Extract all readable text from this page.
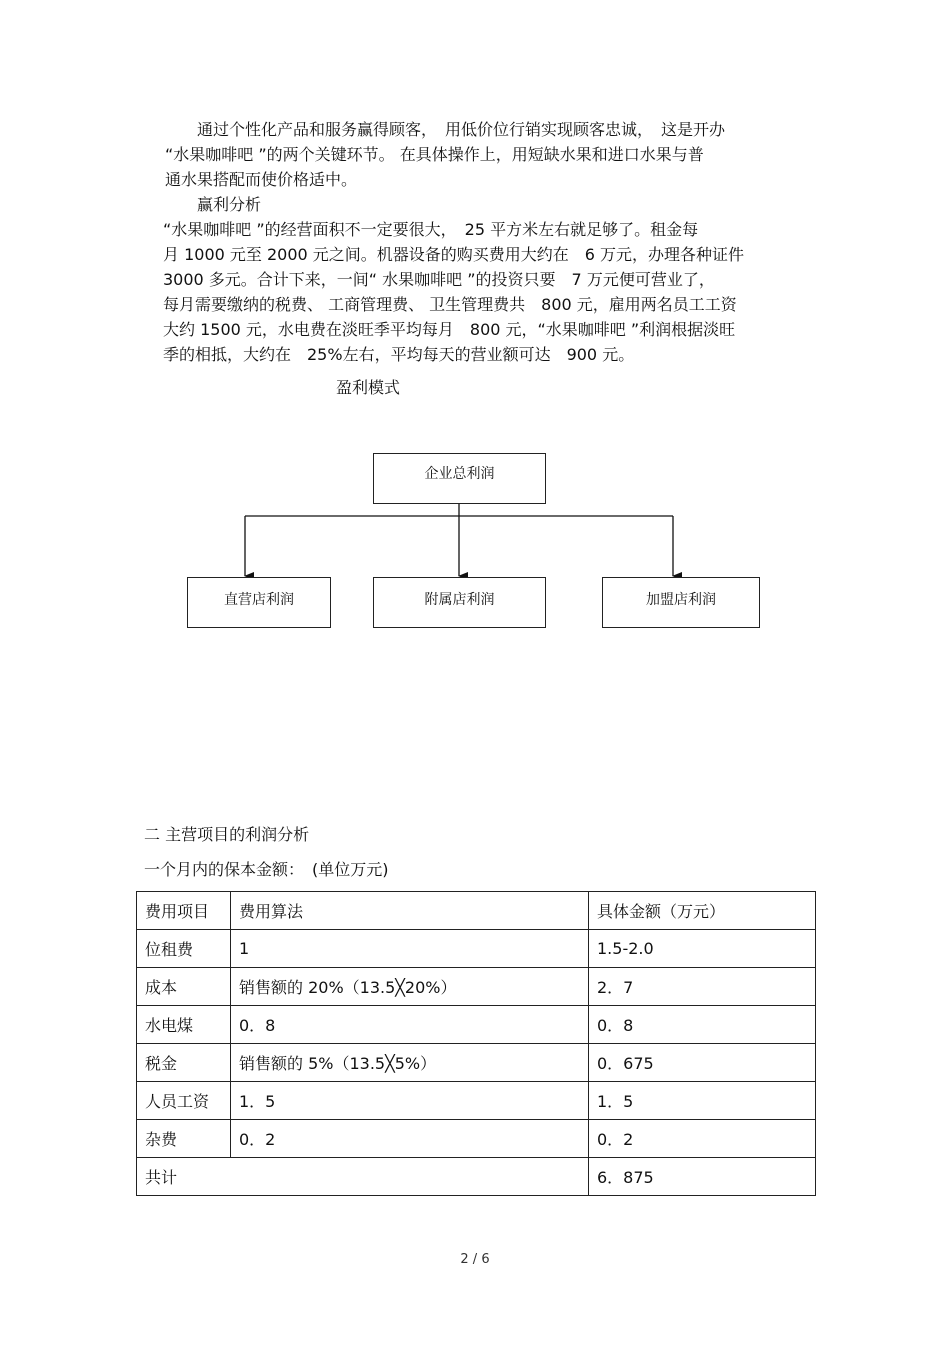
　　通过个性化产品和服务赢得顾客，　用低价位行销实现顾客忠诚，　这是开办
“水果咖啡吧 ”的两个关键环节。 在具体操作上，用短缺水果和进口水果与普
通水果搭配而使价格适中。
　　赢利分析
“水果咖啡吧 ”的经营面积不一定要很大，　25 平方米左右就足够了。租金每
月 1000 元至 2000 元之间。机器设备的购买费用大约在　6 万元，办理各种证件
3000 多元。合计下来，一间“ 水果咖啡吧 ”的投资只要　7 万元便可营业了，
每月需要缴纳的税费、 工商管理费、 卫生管理费共　800 元，雇用两名员工工资
大约 1500 元，水电费在淡旺季平均每月　800 元，“水果咖啡吧 ”利润根据淡旺
季的相抵，大约在　25%左右，平均每天的营业额可达　900 元。
盈利模式
企业总利润
直营店利润	附属店利润	加盟店利润
二 主营项目的利润分析
一个月内的保本金额：　(单位万元)
费用项目	费用算法	具体金额（万元）
位租费	1	1.5-2.0
成本	销售额的 20%（13.5╳20%）	2．7
水电煤	0．8	0．8
税金	销售额的 5%（13.5╳5%）	0．675
人员工资	1．5	1．5
杂费	0．2	0．2
共计		6．875
2 / 6
